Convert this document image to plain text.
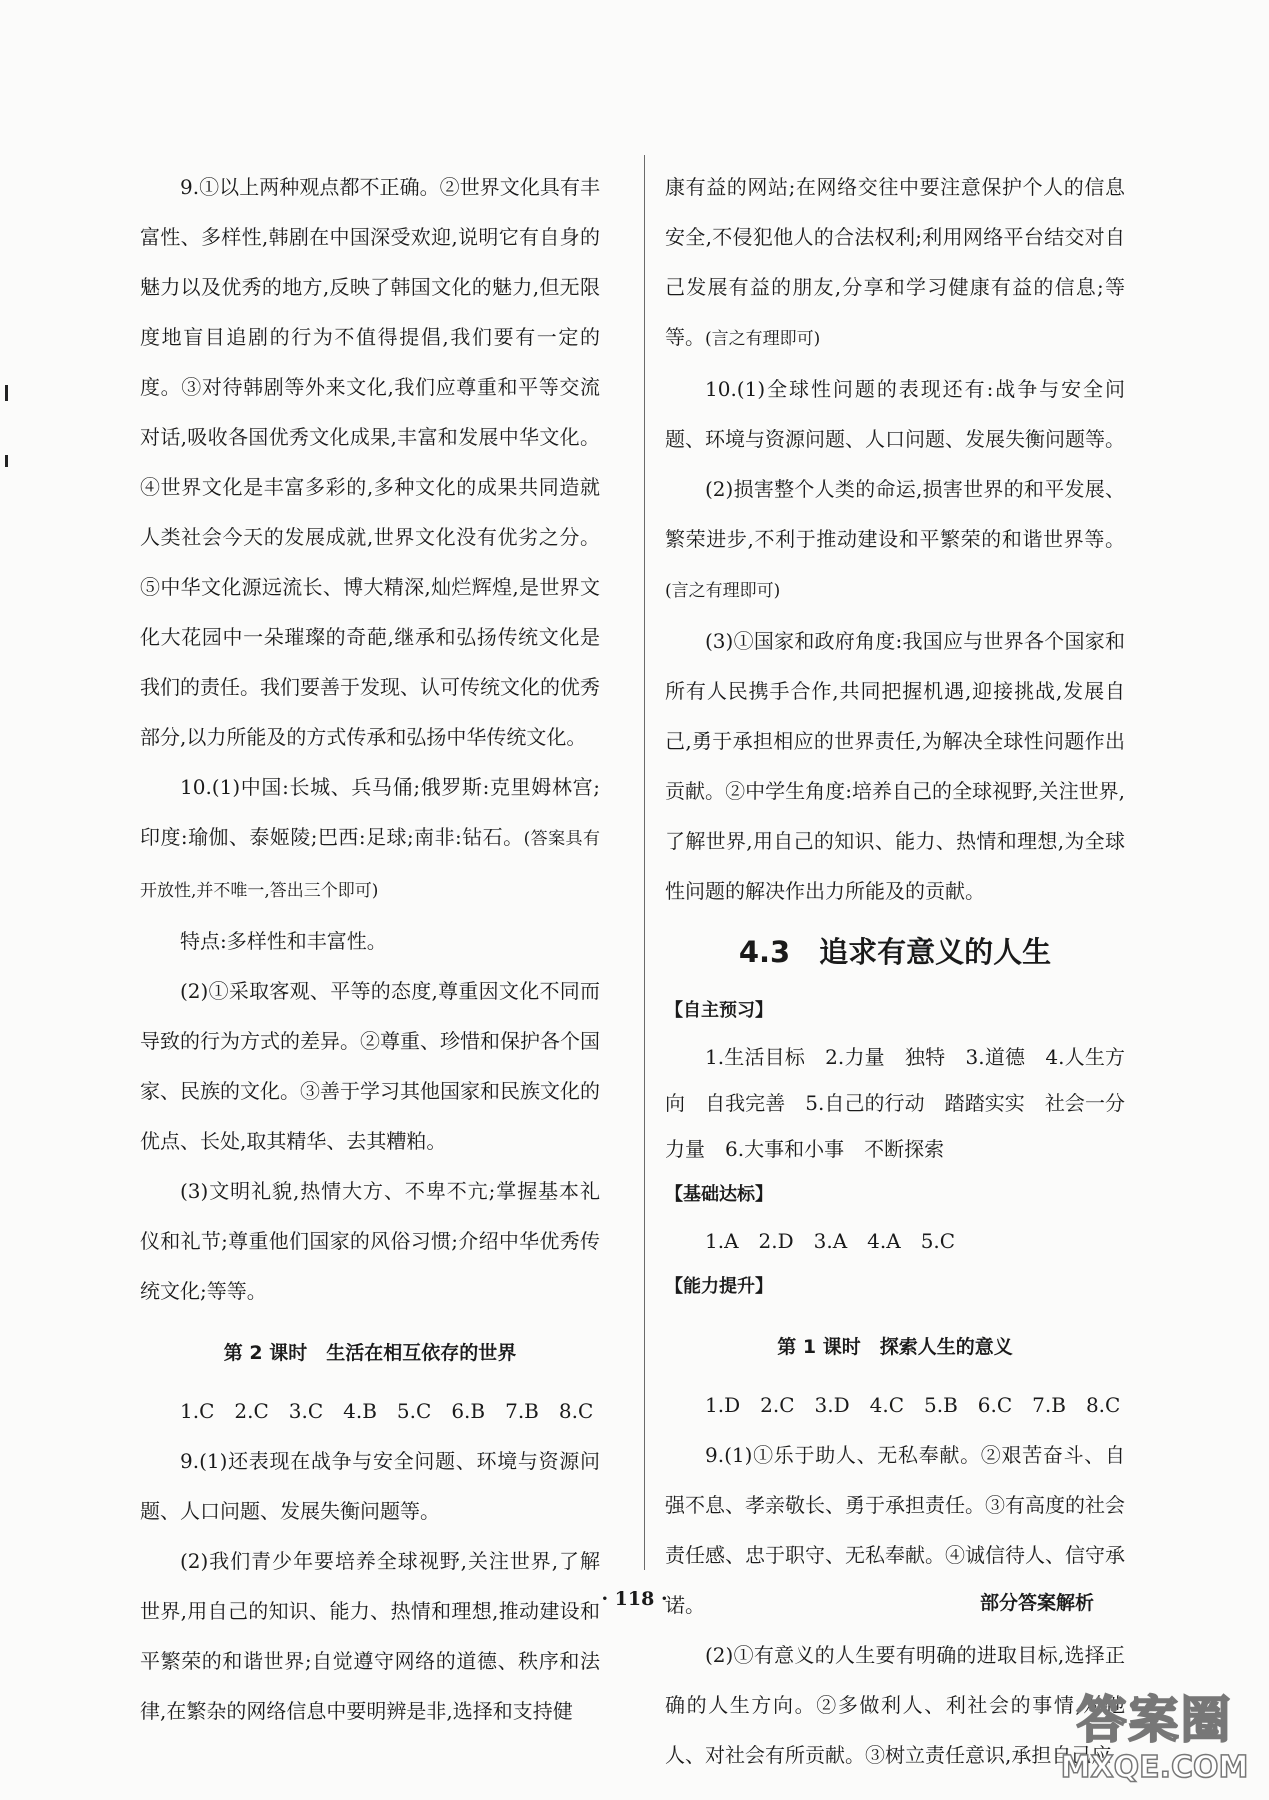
9.①以上两种观点都不正确。②世界文化具有丰富性、多样性,韩剧在中国深受欢迎,说明它有自身的魅力以及优秀的地方,反映了韩国文化的魅力,但无限度地盲目追剧的行为不值得提倡,我们要有一定的度。③对待韩剧等外来文化,我们应尊重和平等交流对话,吸收各国优秀文化成果,丰富和发展中华文化。④世界文化是丰富多彩的,多种文化的成果共同造就人类社会今天的发展成就,世界文化没有优劣之分。⑤中华文化源远流长、博大精深,灿烂辉煌,是世界文化大花园中一朵璀璨的奇葩,继承和弘扬传统文化是我们的责任。我们要善于发现、认可传统文化的优秀部分,以力所能及的方式传承和弘扬中华传统文化。

10.(1)中国:长城、兵马俑;俄罗斯:克里姆林宫;印度:瑜伽、泰姬陵;巴西:足球;南非:钻石。(答案具有开放性,并不唯一,答出三个即可)

特点:多样性和丰富性。

(2)①采取客观、平等的态度,尊重因文化不同而导致的行为方式的差异。②尊重、珍惜和保护各个国家、民族的文化。③善于学习其他国家和民族文化的优点、长处,取其精华、去其糟粕。

(3)文明礼貌,热情大方、不卑不亢;掌握基本礼仪和礼节;尊重他们国家的风俗习惯;介绍中华优秀传统文化;等等。

第 2 课时　生活在相互依存的世界

1.C　2.C　3.C　4.B　5.C　6.B　7.B　8.C

9.(1)还表现在战争与安全问题、环境与资源问题、人口问题、发展失衡问题等。

(2)我们青少年要培养全球视野,关注世界,了解世界,用自己的知识、能力、热情和理想,推动建设和平繁荣的和谐世界;自觉遵守网络的道德、秩序和法律,在繁杂的网络信息中要明辨是非,选择和支持健

康有益的网站;在网络交往中要注意保护个人的信息安全,不侵犯他人的合法权利;利用网络平台结交对自己发展有益的朋友,分享和学习健康有益的信息;等等。(言之有理即可)

10.(1)全球性问题的表现还有:战争与安全问题、环境与资源问题、人口问题、发展失衡问题等。

(2)损害整个人类的命运,损害世界的和平发展、繁荣进步,不利于推动建设和平繁荣的和谐世界等。(言之有理即可)

(3)①国家和政府角度:我国应与世界各个国家和所有人民携手合作,共同把握机遇,迎接挑战,发展自己,勇于承担相应的世界责任,为解决全球性问题作出贡献。②中学生角度:培养自己的全球视野,关注世界,了解世界,用自己的知识、能力、热情和理想,为全球性问题的解决作出力所能及的贡献。

4.3　追求有意义的人生
【自主预习】

1.生活目标　2.力量　独特　3.道德　4.人生方向　自我完善　5.自己的行动　踏踏实实　社会一分力量　6.大事和小事　不断探索

【基础达标】

1.A　2.D　3.A　4.A　5.C

【能力提升】
第 1 课时　探索人生的意义

1.D　2.C　3.D　4.C　5.B　6.C　7.B　8.C

9.(1)①乐于助人、无私奉献。②艰苦奋斗、自强不息、孝亲敬长、勇于承担责任。③有高度的社会责任感、忠于职守、无私奉献。④诚信待人、信守承诺。

(2)①有意义的人生要有明确的进取目标,选择正确的人生方向。②多做利人、利社会的事情,对他人、对社会有所贡献。③树立责任意识,承担自己应

· 118 ·	部分答案解析
答案圈
MXQE.COM
